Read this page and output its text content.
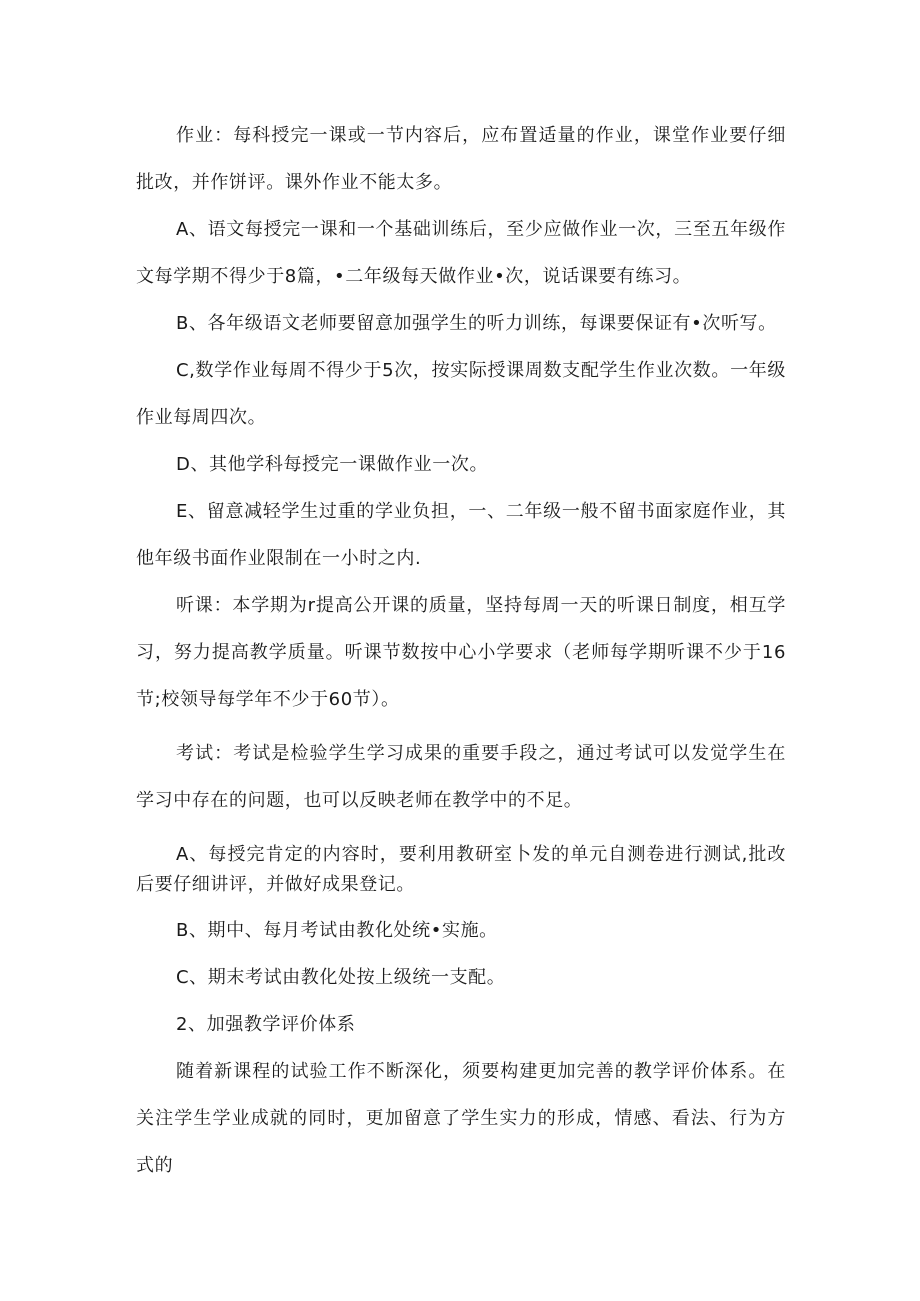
作业：每科授完一课或一节内容后，应布置适量的作业，课堂作业要仔细批改，并作饼评。课外作业不能太多。

A、语文每授完一课和一个基础训练后，至少应做作业一次，三至五年级作文每学期不得少于8篇，•二年级每天做作业•次，说话课要有练习。

B、各年级语文老师要留意加强学生的听力训练，每课要保证有•次听写。

C,数学作业每周不得少于5次，按实际授课周数支配学生作业次数。一年级作业每周四次。

D、其他学科每授完一课做作业一次。

E、留意减轻学生过重的学业负担，一、二年级一般不留书面家庭作业，其他年级书面作业限制在一小时之内.

听课：本学期为r提高公开课的质量，坚持每周一天的听课日制度，相互学习，努力提高教学质量。听课节数按中心小学要求（老师每学期听课不少于16节;校领导每学年不少于60节）。

考试：考试是检验学生学习成果的重要手段之，通过考试可以发觉学生在学习中存在的问题，也可以反映老师在教学中的不足。

A、每授完肯定的内容时，要利用教研室卜发的单元自测卷进行测试,批改后要仔细讲评，并做好成果登记。

B、期中、每月考试由教化处统•实施。

C、期末考试由教化处按上级统一支配。

2、加强教学评价体系

随着新课程的试验工作不断深化，须要构建更加完善的教学评价体系。在关注学生学业成就的同时，更加留意了学生实力的形成，情感、看法、行为方式的
